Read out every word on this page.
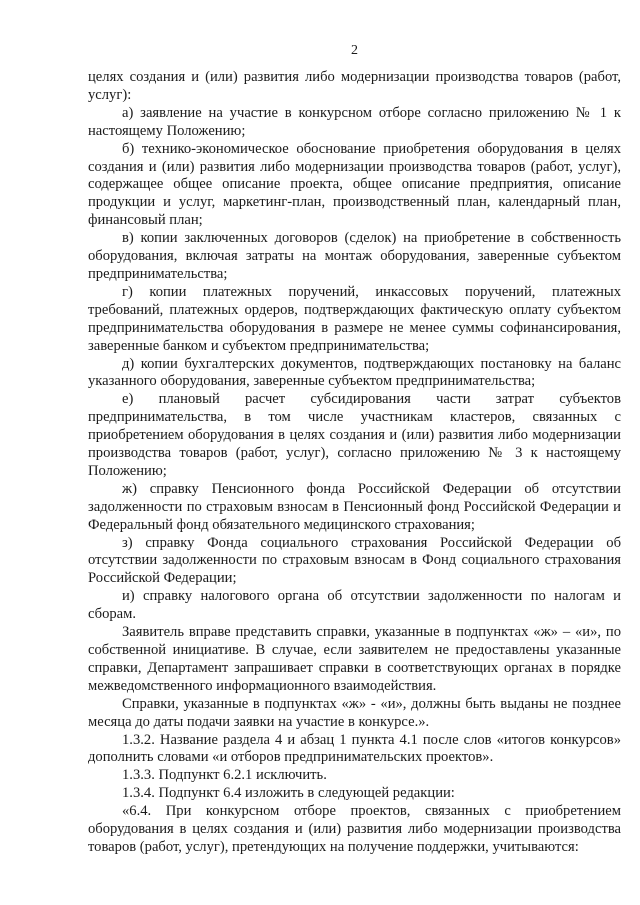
2

целях создания и (или) развития либо модернизации производства товаров (работ, услуг):

а) заявление на участие в конкурсном отборе согласно приложению № 1 к настоящему Положению;

б) технико-экономическое обоснование приобретения оборудования в целях создания и (или) развития либо модернизации производства товаров (работ, услуг), содержащее общее описание проекта, общее описание предприятия, описание продукции и услуг, маркетинг-план, производственный план, календарный план, финансовый план;

в) копии заключенных договоров (сделок) на приобретение в собственность оборудования, включая затраты на монтаж оборудования, заверенные субъектом предпринимательства;

г) копии платежных поручений, инкассовых поручений, платежных требований, платежных ордеров, подтверждающих фактическую оплату субъектом предпринимательства оборудования в размере не менее суммы софинансирования, заверенные банком и субъектом предпринимательства;

д) копии бухгалтерских документов, подтверждающих постановку на баланс указанного оборудования, заверенные субъектом предпринимательства;

е) плановый расчет субсидирования части затрат субъектов предпринимательства, в том числе участникам кластеров, связанных с приобретением оборудования в целях создания и (или) развития либо модернизации производства товаров (работ, услуг), согласно приложению № 3 к настоящему Положению;

ж) справку Пенсионного фонда Российской Федерации об отсутствии задолженности по страховым взносам в Пенсионный фонд Российской Федерации и Федеральный фонд обязательного медицинского страхования;

з) справку Фонда социального страхования Российской Федерации об отсутствии задолженности по страховым взносам в Фонд социального страхования Российской Федерации;

и) справку налогового органа об отсутствии задолженности по налогам и сборам.

Заявитель вправе представить справки, указанные в подпунктах «ж» – «и», по собственной инициативе. В случае, если заявителем не предоставлены указанные справки, Департамент запрашивает справки в соответствующих органах в порядке межведомственного информационного взаимодействия.

Справки, указанные в подпунктах «ж» - «и», должны быть выданы не позднее месяца до даты подачи заявки на участие в конкурсе.».

1.3.2. Название раздела 4 и абзац 1 пункта 4.1 после слов «итогов конкурсов» дополнить словами «и отборов предпринимательских проектов».

1.3.3. Подпункт 6.2.1 исключить.

1.3.4. Подпункт 6.4 изложить в следующей редакции:

«6.4. При конкурсном отборе проектов, связанных с приобретением оборудования в целях создания и (или) развития либо модернизации производства товаров (работ, услуг), претендующих на получение поддержки, учитываются:
